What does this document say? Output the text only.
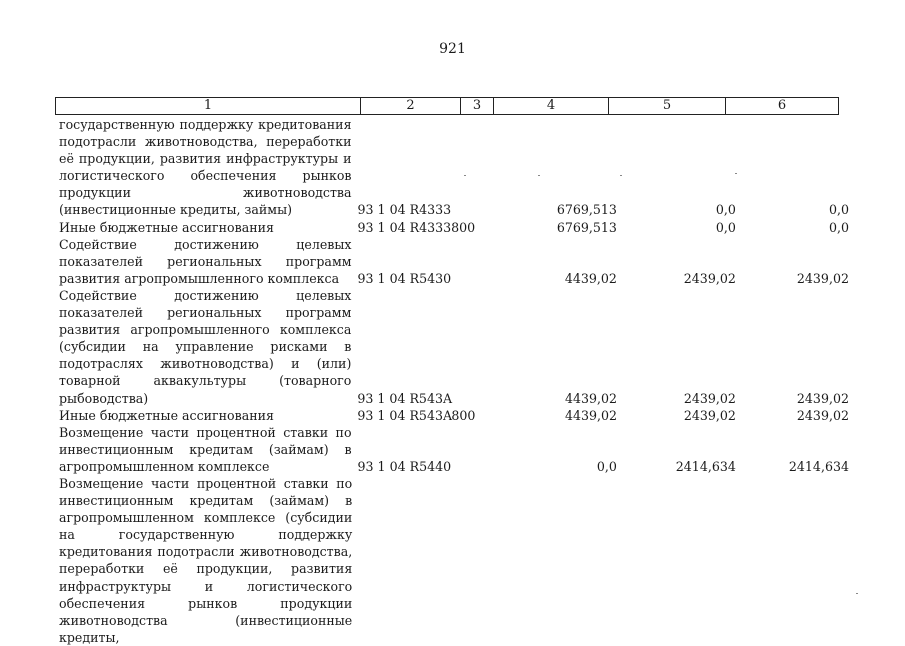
921
1	2	3	4	5	6
государственную поддержку кредитования подотрасли животноводства, переработки её продукции, развития инфраструктуры и логистического обеспечения рынков продукции животноводства (инвестиционные кредиты, займы)	93 1 04 R4333	6769,513	0,0	0,0
Иные бюджетные ассигнования	93 1 04 R4333 800	6769,513	0,0	0,0
Содействие достижению целевых показателей региональных программ развития агропромышленного комплекса	93 1 04 R5430	4439,02	2439,02	2439,02
Содействие достижению целевых показателей региональных программ развития агропромышленного комплекса (субсидии на управление рисками в подотраслях животноводства) и (или) товарной аквакультуры (товарного рыбоводства)	93 1 04 R543A	4439,02	2439,02	2439,02
Иные бюджетные ассигнования	93 1 04 R543A 800	4439,02	2439,02	2439,02
Возмещение части процентной ставки по инвестиционным кредитам (займам) в агропромышленном комплексе	93 1 04 R5440	0,0	2414,634	2414,634
Возмещение части процентной ставки по инвестиционным кредитам (займам) в агропромышленном комплексе (субсидии на государственную поддержку кредитования подотрасли животноводства, переработки её продукции, развития инфраструктуры и логистического обеспечения рынков продукции животноводства (инвестиционные кредиты,
